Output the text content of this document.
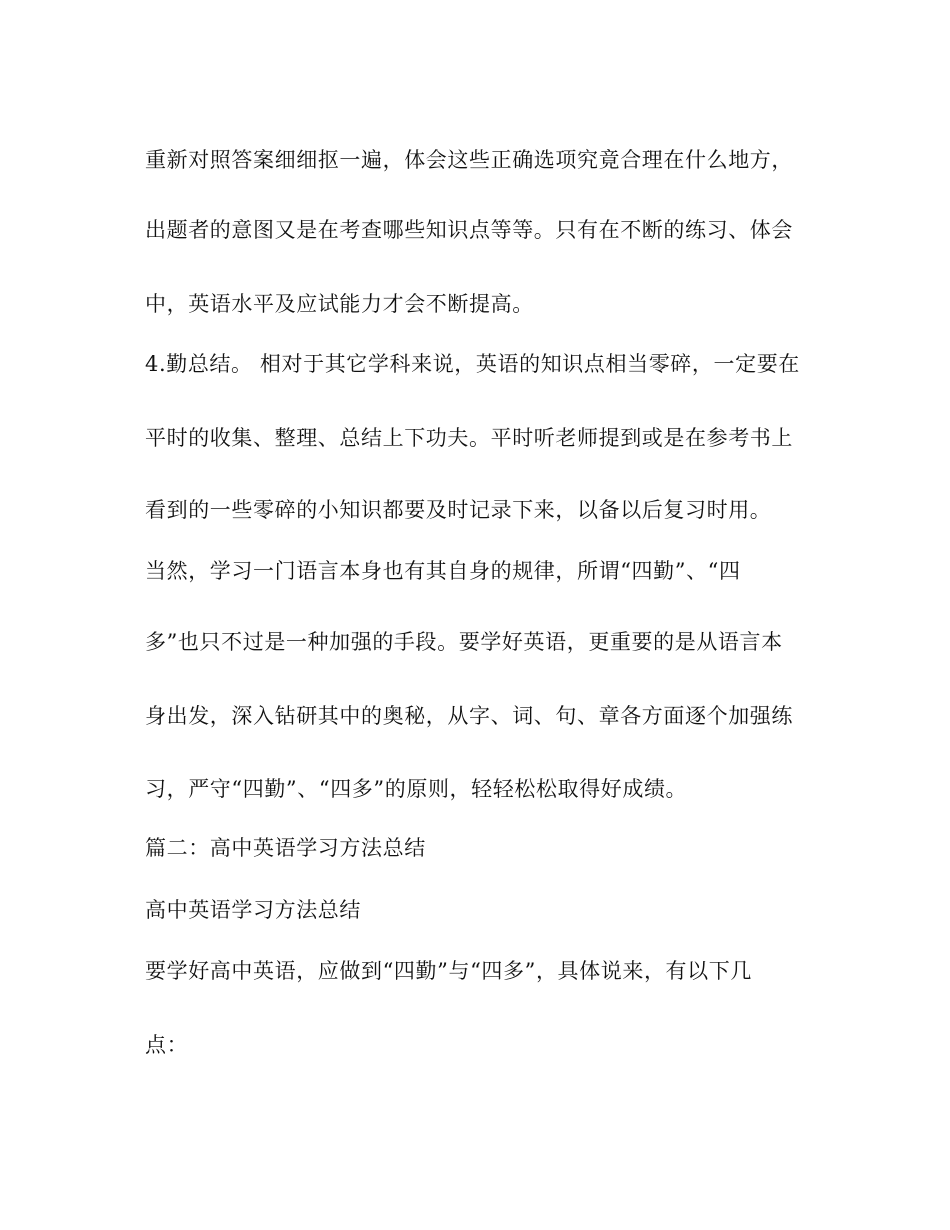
重新对照答案细细抠一遍，体会这些正确选项究竟合理在什么地方，
出题者的意图又是在考查哪些知识点等等。只有在不断的练习、体会
中，英语水平及应试能力才会不断提高。
4.勤总结。 相对于其它学科来说，英语的知识点相当零碎，一定要在
平时的收集、整理、总结上下功夫。平时听老师提到或是在参考书上
看到的一些零碎的小知识都要及时记录下来，以备以后复习时用。
当然，学习一门语言本身也有其自身的规律，所谓“四勤”、“四
多”也只不过是一种加强的手段。要学好英语，更重要的是从语言本
身出发，深入钻研其中的奥秘，从字、词、句、章各方面逐个加强练
习，严守“四勤”、“四多”的原则，轻轻松松取得好成绩。
篇二：高中英语学习方法总结
高中英语学习方法总结
要学好高中英语，应做到“四勤”与“四多”，具体说来，有以下几
点：
